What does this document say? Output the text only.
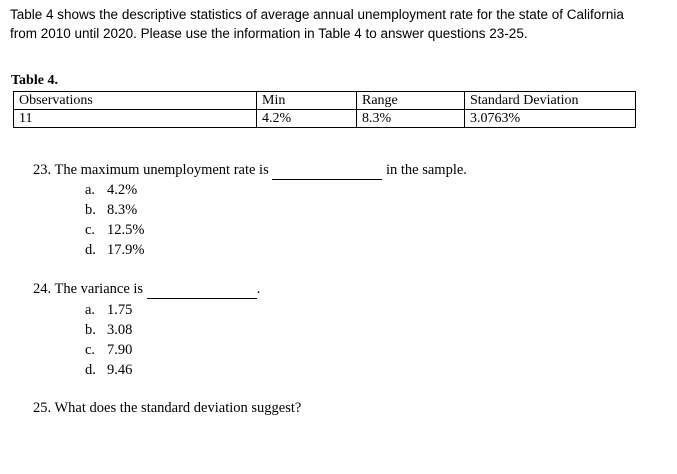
Table 4 shows the descriptive statistics of average annual unemployment rate for the state of California from 2010 until 2020. Please use the information in Table 4 to answer questions 23-25.

Table 4.
Observations	Min	Range	Standard Deviation
11	4.2%	8.3%	3.0763%
23. The maximum unemployment rate is	in the sample.
a. 4.2%
b. 8.3%
c. 12.5%
d. 17.9%
24. The variance is	.
a. 1.75
b. 3.08
c. 7.90
d. 9.46
25. What does the standard deviation suggest?
